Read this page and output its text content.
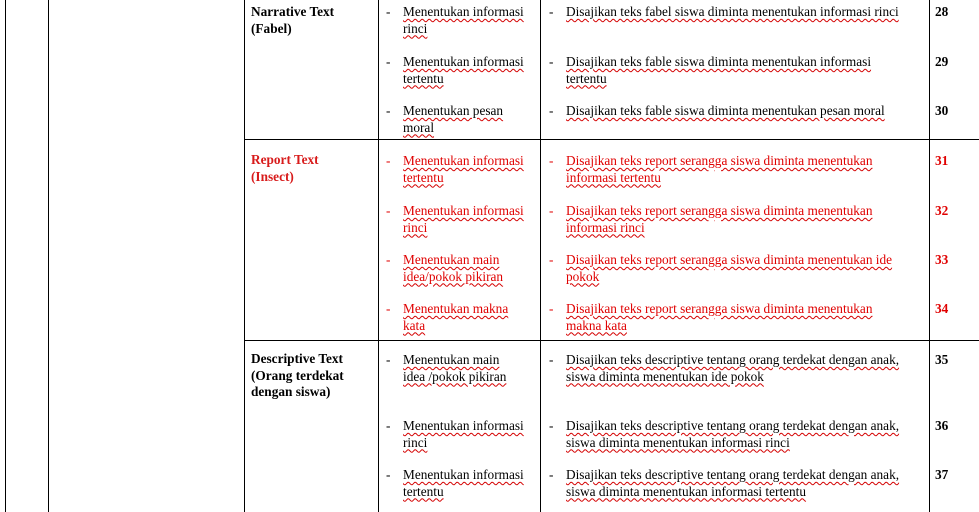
Narrative Text
(Fabel)
- Menentukan informasi rinci
- Disajikan teks fabel siswa diminta menentukan informasi rinci	28
- Menentukan informasi tertentu
- Disajikan teks fable siswa diminta menentukan informasi tertentu
29
- Menentukan pesan moral
- Disajikan teks fable siswa diminta menentukan pesan moral	30
Report Text
(Insect)
- Menentukan informasi tertentu
- Disajikan teks report serangga siswa diminta menentukan informasi tertentu
31
- Menentukan informasi rinci
- Disajikan teks report serangga siswa diminta menentukan informasi rinci
32
- Menentukan main idea/pokok pikiran
- Disajikan teks report serangga siswa diminta menentukan ide pokok
33
- Menentukan makna kata
- Disajikan teks report serangga siswa diminta menentukan makna kata
34
Descriptive Text
(Orang terdekat
dengan siswa)
- Menentukan main idea /pokok pikiran
- Disajikan teks descriptive tentang orang terdekat dengan anak, siswa diminta menentukan ide pokok
35
- Menentukan informasi rinci
- Disajikan teks descriptive tentang orang terdekat dengan anak, siswa diminta menentukan informasi rinci
36
- Menentukan informasi tertentu
- Disajikan teks descriptive tentang orang terdekat dengan anak, siswa diminta menentukan informasi tertentu
37
